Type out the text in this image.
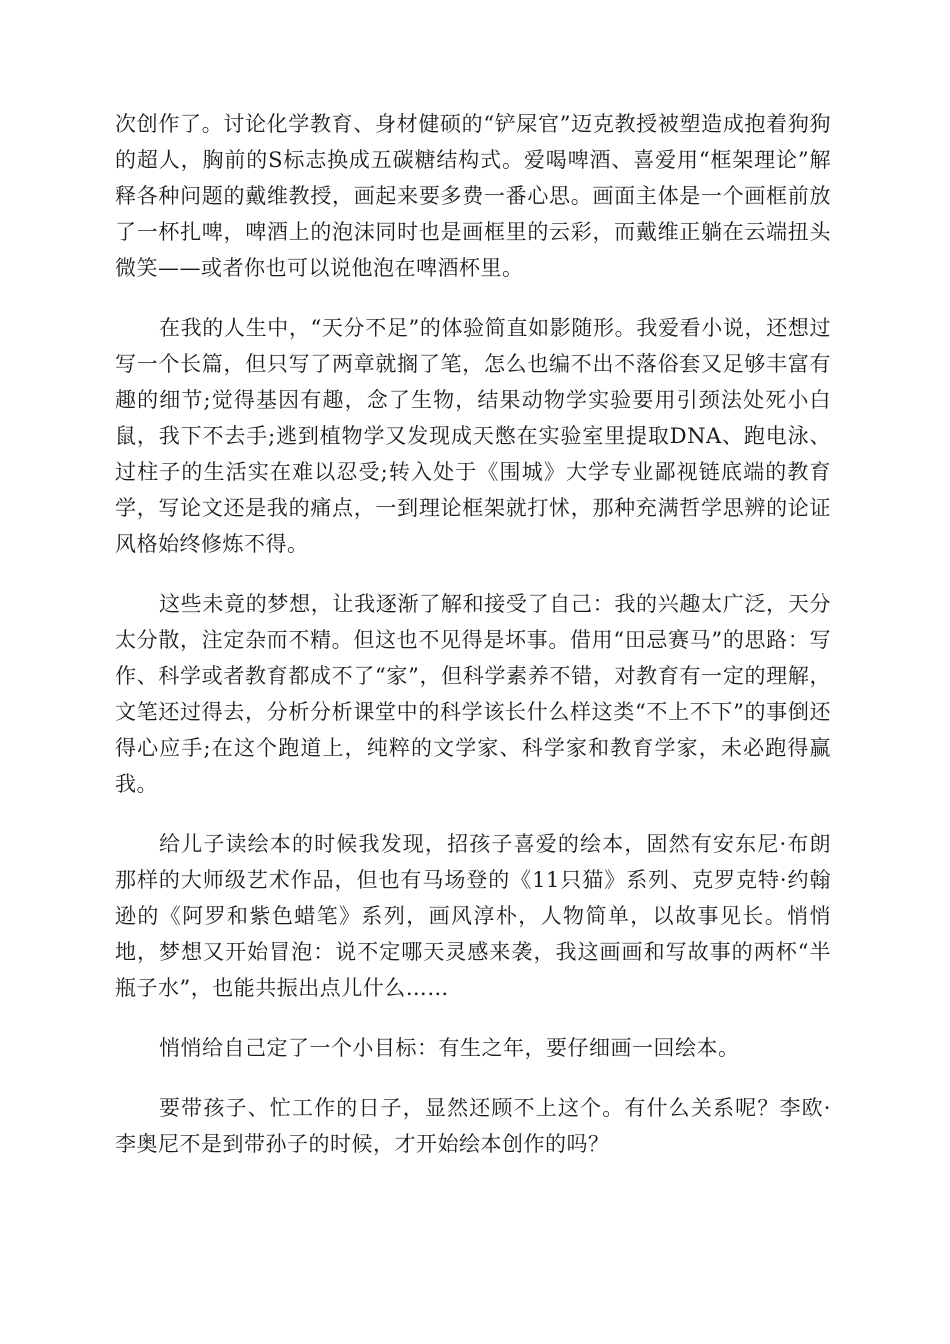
次创作了。讨论化学教育、身材健硕的“铲屎官”迈克教授被塑造成抱着狗狗的超人，胸前的S标志换成五碳糖结构式。爱喝啤酒、喜爱用“框架理论”解释各种问题的戴维教授，画起来要多费一番心思。画面主体是一个画框前放了一杯扎啤，啤酒上的泡沫同时也是画框里的云彩，而戴维正躺在云端扭头微笑——或者你也可以说他泡在啤酒杯里。

在我的人生中，“天分不足”的体验简直如影随形。我爱看小说，还想过写一个长篇，但只写了两章就搁了笔，怎么也编不出不落俗套又足够丰富有趣的细节;觉得基因有趣，念了生物，结果动物学实验要用引颈法处死小白鼠，我下不去手;逃到植物学又发现成天憋在实验室里提取DNA、跑电泳、过柱子的生活实在难以忍受;转入处于《围城》大学专业鄙视链底端的教育学，写论文还是我的痛点，一到理论框架就打怵，那种充满哲学思辨的论证风格始终修炼不得。

这些未竟的梦想，让我逐渐了解和接受了自己：我的兴趣太广泛，天分太分散，注定杂而不精。但这也不见得是坏事。借用“田忌赛马”的思路：写作、科学或者教育都成不了“家”，但科学素养不错，对教育有一定的理解，文笔还过得去，分析分析课堂中的科学该长什么样这类“不上不下”的事倒还得心应手;在这个跑道上，纯粹的文学家、科学家和教育学家，未必跑得赢我。

给儿子读绘本的时候我发现，招孩子喜爱的绘本，固然有安东尼·布朗那样的大师级艺术作品，但也有马场登的《11只猫》系列、克罗克特·约翰逊的《阿罗和紫色蜡笔》系列，画风淳朴，人物简单，以故事见长。悄悄地，梦想又开始冒泡：说不定哪天灵感来袭，我这画画和写故事的两杯“半瓶子水”，也能共振出点儿什么……

悄悄给自己定了一个小目标：有生之年，要仔细画一回绘本。

要带孩子、忙工作的日子，显然还顾不上这个。有什么关系呢？李欧·李奥尼不是到带孙子的时候，才开始绘本创作的吗？
